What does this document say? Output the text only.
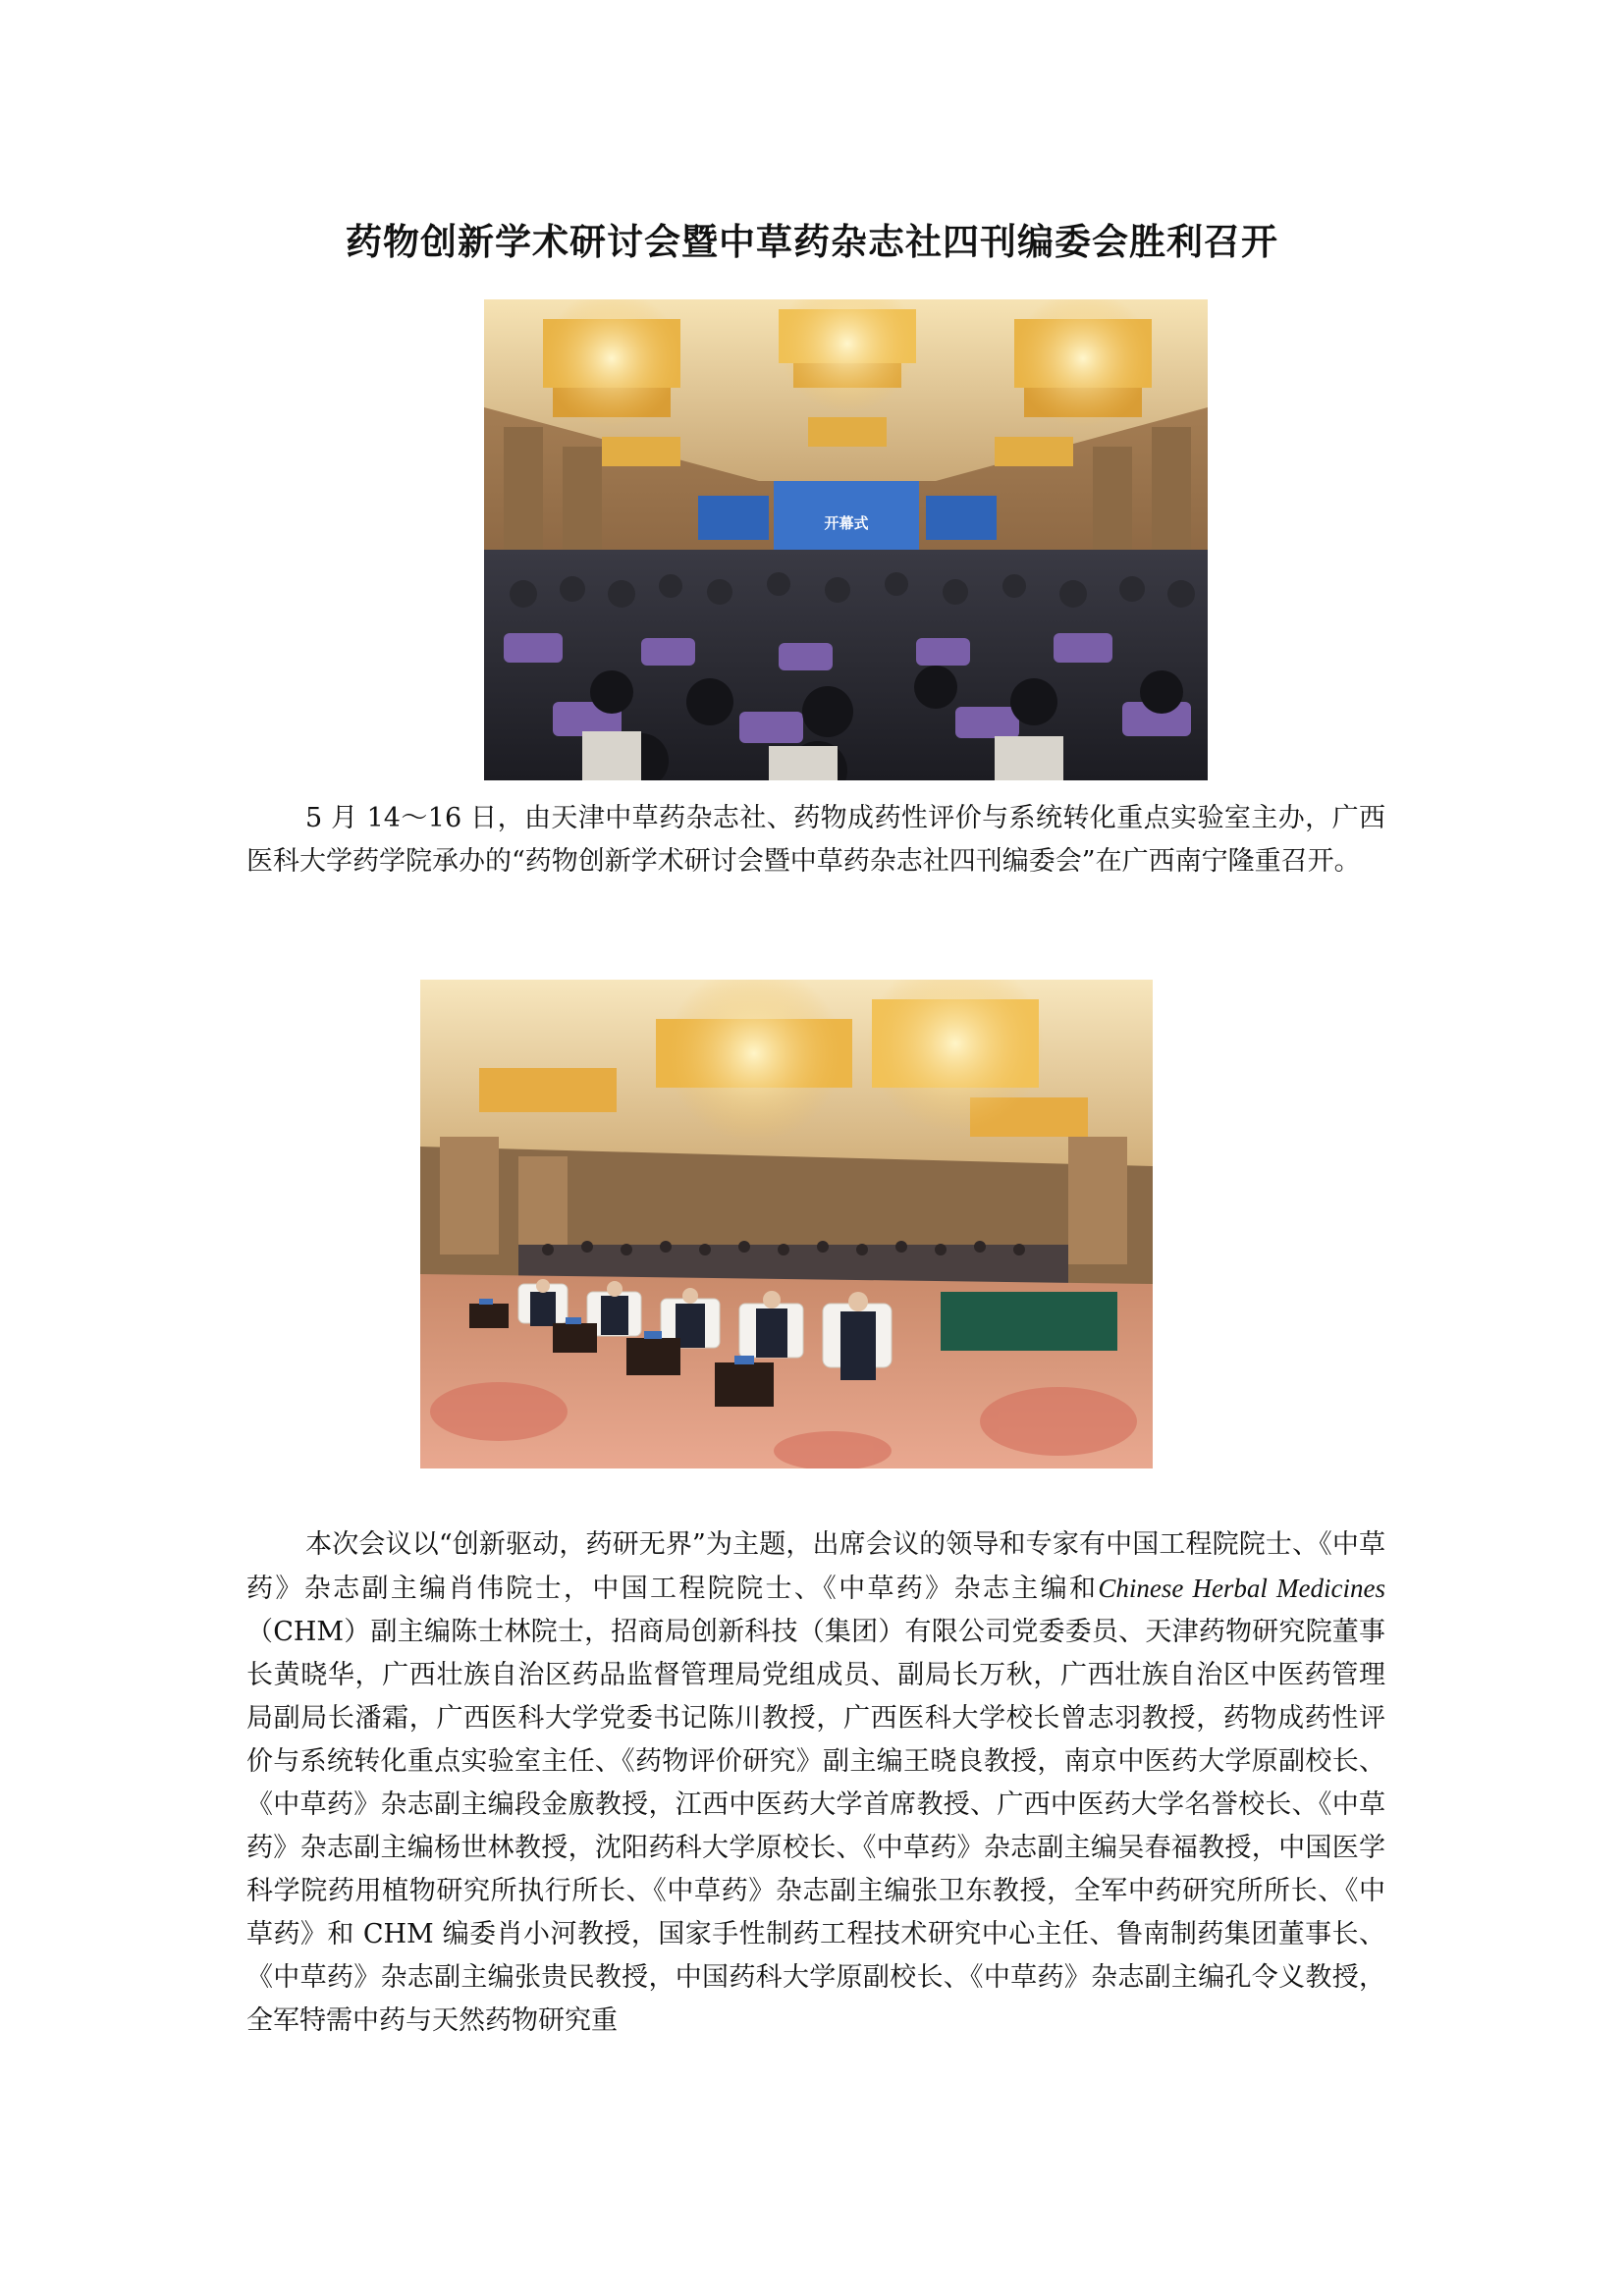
药物创新学术研讨会暨中草药杂志社四刊编委会胜利召开
开幕式

5 月 14～16 日，由天津中草药杂志社、药物成药性评价与系统转化重点实验室主办，广西医科大学药学院承办的“药物创新学术研讨会暨中草药杂志社四刊编委会”在广西南宁隆重召开。

本次会议以“创新驱动，药研无界”为主题，出席会议的领导和专家有中国工程院院士、《中草药》杂志副主编肖伟院士，中国工程院院士、《中草药》杂志主编和Chinese Herbal Medicines（CHM）副主编陈士林院士，招商局创新科技（集团）有限公司党委委员、天津药物研究院董事长黄晓华，广西壮族自治区药品监督管理局党组成员、副局长万秋，广西壮族自治区中医药管理局副局长潘霜，广西医科大学党委书记陈川教授，广西医科大学校长曾志羽教授，药物成药性评价与系统转化重点实验室主任、《药物评价研究》副主编王晓良教授，南京中医药大学原副校长、《中草药》杂志副主编段金廒教授，江西中医药大学首席教授、广西中医药大学名誉校长、《中草药》杂志副主编杨世林教授，沈阳药科大学原校长、《中草药》杂志副主编吴春福教授，中国医学科学院药用植物研究所执行所长、《中草药》杂志副主编张卫东教授，全军中药研究所所长、《中草药》和 CHM 编委肖小河教授，国家手性制药工程技术研究中心主任、鲁南制药集团董事长、《中草药》杂志副主编张贵民教授，中国药科大学原副校长、《中草药》杂志副主编孔令义教授，全军特需中药与天然药物研究重
